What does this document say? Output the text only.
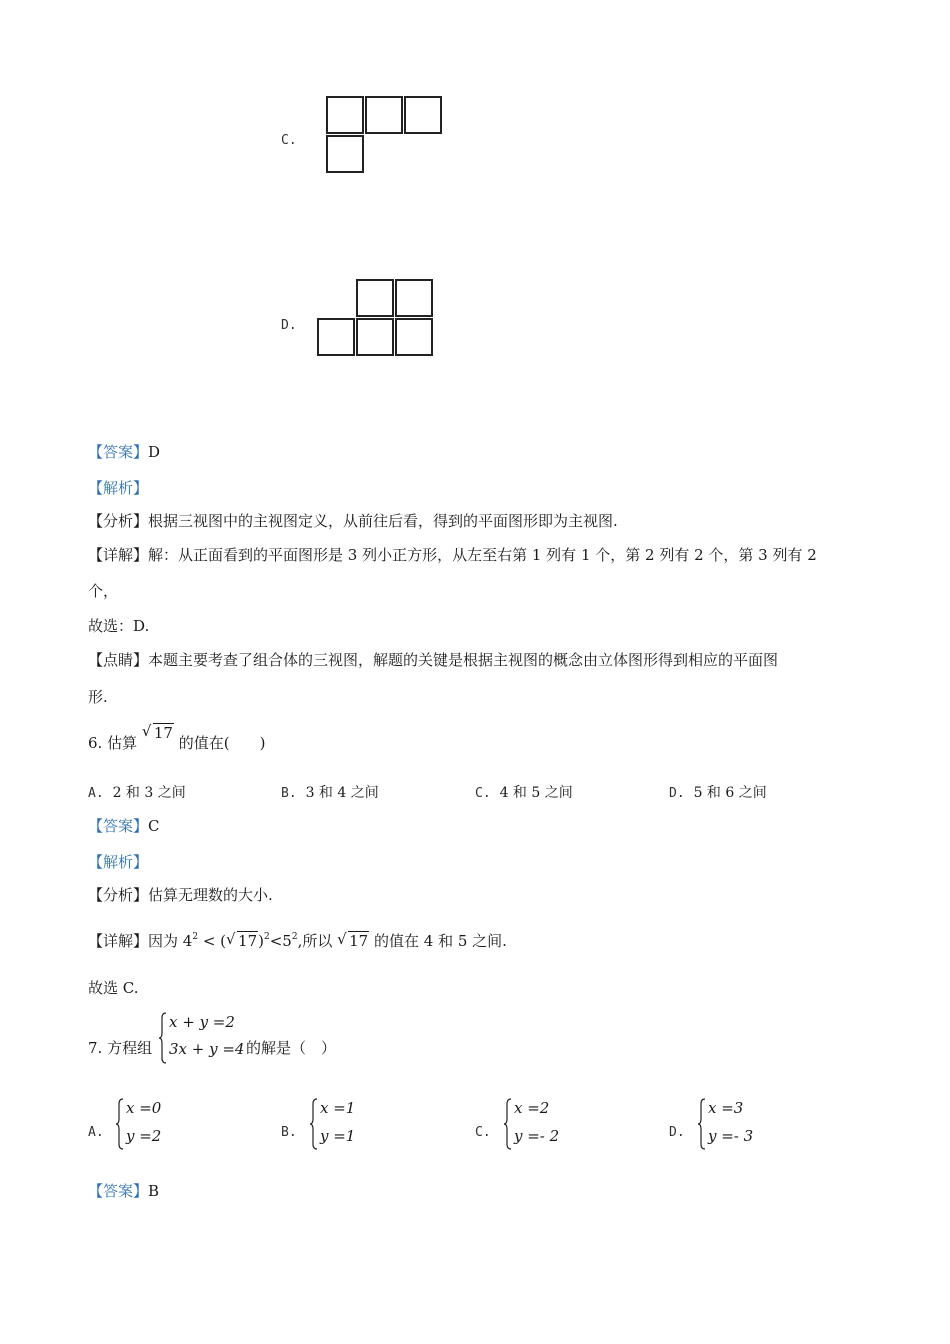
C.
D.
【答案】D
【解析】
【分析】根据三视图中的主视图定义，从前往后看，得到的平面图形即为主视图.
【详解】解：从正面看到的平面图形是 3 列小正方形，从左至右第 1 列有 1 个，第 2 列有 2 个，第 3 列有 2
个，
故选：D.
【点睛】本题主要考查了组合体的三视图，解题的关键是根据主视图的概念由立体图形得到相应的平面图
形.
6. 估算
√ 17 的值在(　　)
A. 2 和 3 之间	B. 3 和 4 之间	C. 4 和 5 之间	D. 5 和 6 之间
【答案】C
【解析】
【分析】估算无理数的大小.
【详解】因为 $4^2$ < ( √ $17)^2<5^2$,所以 √ 17 的值在 4 和 5 之间.
故选 C.
7. 方程组
x + y =2
3x + y =4 的解是（　）
A.
x =0
y =2	B.
x =1
y =1	C.
x =2
y =- 2	D.
x =3
y =- 3
【答案】B
